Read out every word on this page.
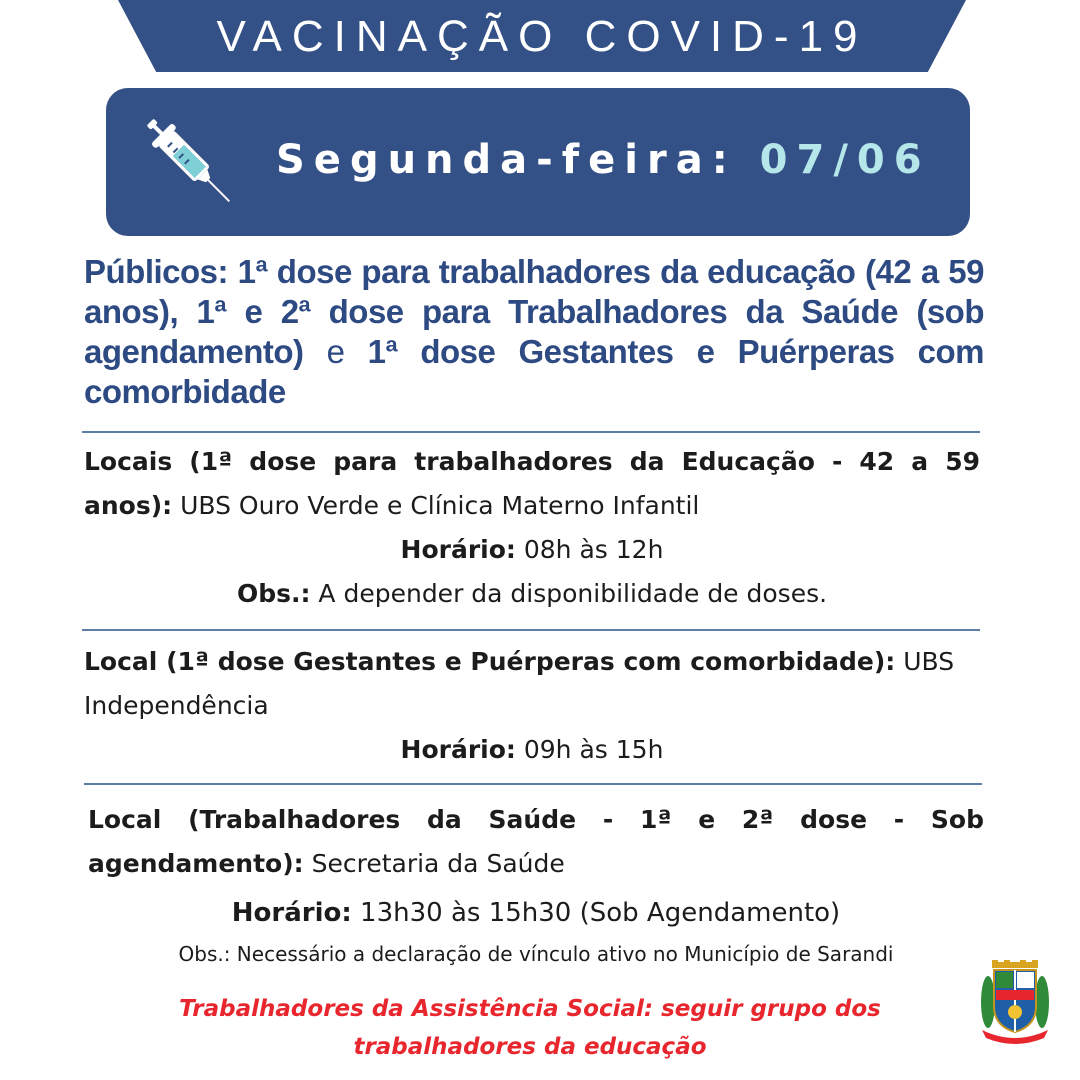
VACINAÇÃO COVID-19
Segunda-feira: 07/06
Públicos: 1ª dose para trabalhadores da educação (42 a 59 anos), 1ª e 2ª dose para Trabalhadores da Saúde (sob agendamento) e 1ª dose Gestantes e Puérperas com comorbidade
Locais (1ª dose para trabalhadores da Educação - 42 a 59 anos): UBS Ouro Verde e Clínica Materno Infantil
Horário: 08h às 12h
Obs.: A depender da disponibilidade de doses.
Local (1ª dose Gestantes e Puérperas com comorbidade): UBS Independência
Horário: 09h às 15h
Local (Trabalhadores da Saúde - 1ª e 2ª dose - Sob agendamento): Secretaria da Saúde
Horário: 13h30 às 15h30 (Sob Agendamento)
Obs.: Necessário a declaração de vínculo ativo no Município de Sarandi
Trabalhadores da Assistência Social: seguir grupo dos
trabalhadores da educação
